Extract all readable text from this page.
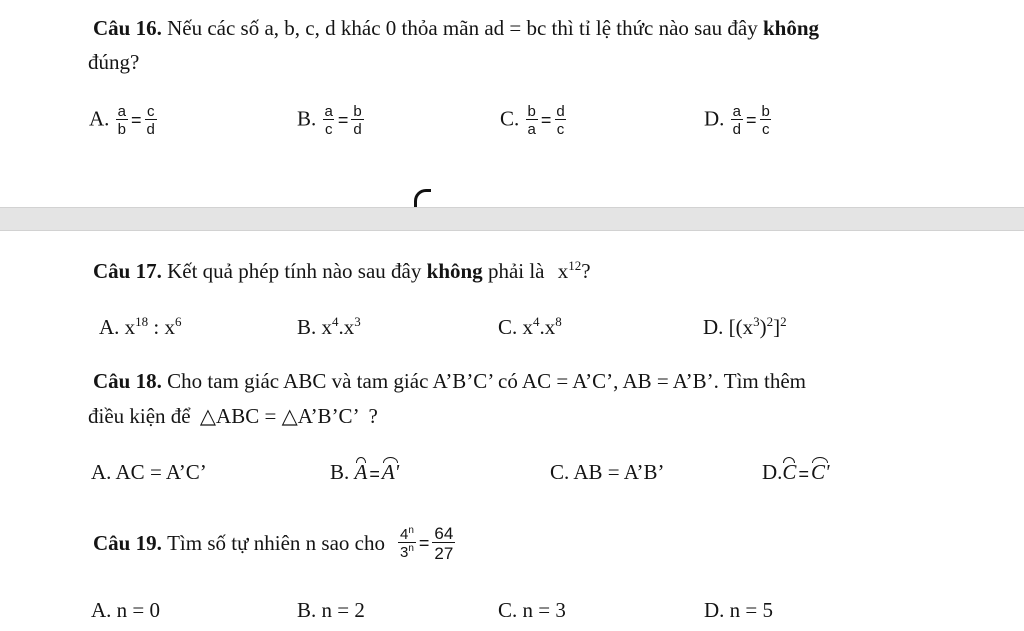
Câu 16. Nếu các số a, b, c, d khác 0 thỏa mãn ad = bc thì tỉ lệ thức nào sau đây không
đúng?
A. $\frac{a}{b} = \frac{c}{d}$	B. $\frac{a}{c} = \frac{b}{d}$	C. $\frac{b}{a} = \frac{d}{c}$	D. $\frac{a}{d} = \frac{b}{c}$
Câu 17. Kết quả phép tính nào sau đây không phải là $x^{12}$?
A. $x^{18}$ : $x^6$	B. $x^4.x^3$	C. $x^4.x^8$	D. $[(x^3)^2]^2$
Câu 18. Cho tam giác ABC và tam giác A’B’C’ có AC = A’C’, AB = A’B’. Tìm thêm
điều kiện để △ABC = △A’B’C’ ?
A. AC = A’C’	B. A =A'	C. AB = A’B’	D.C =C'
Câu 19.
Tìm số tự nhiên n sao cho $\frac{4^n}{3^n} = \frac{64}{27}$
A. n = 0	B. n = 2	C. n = 3	D. n = 5
